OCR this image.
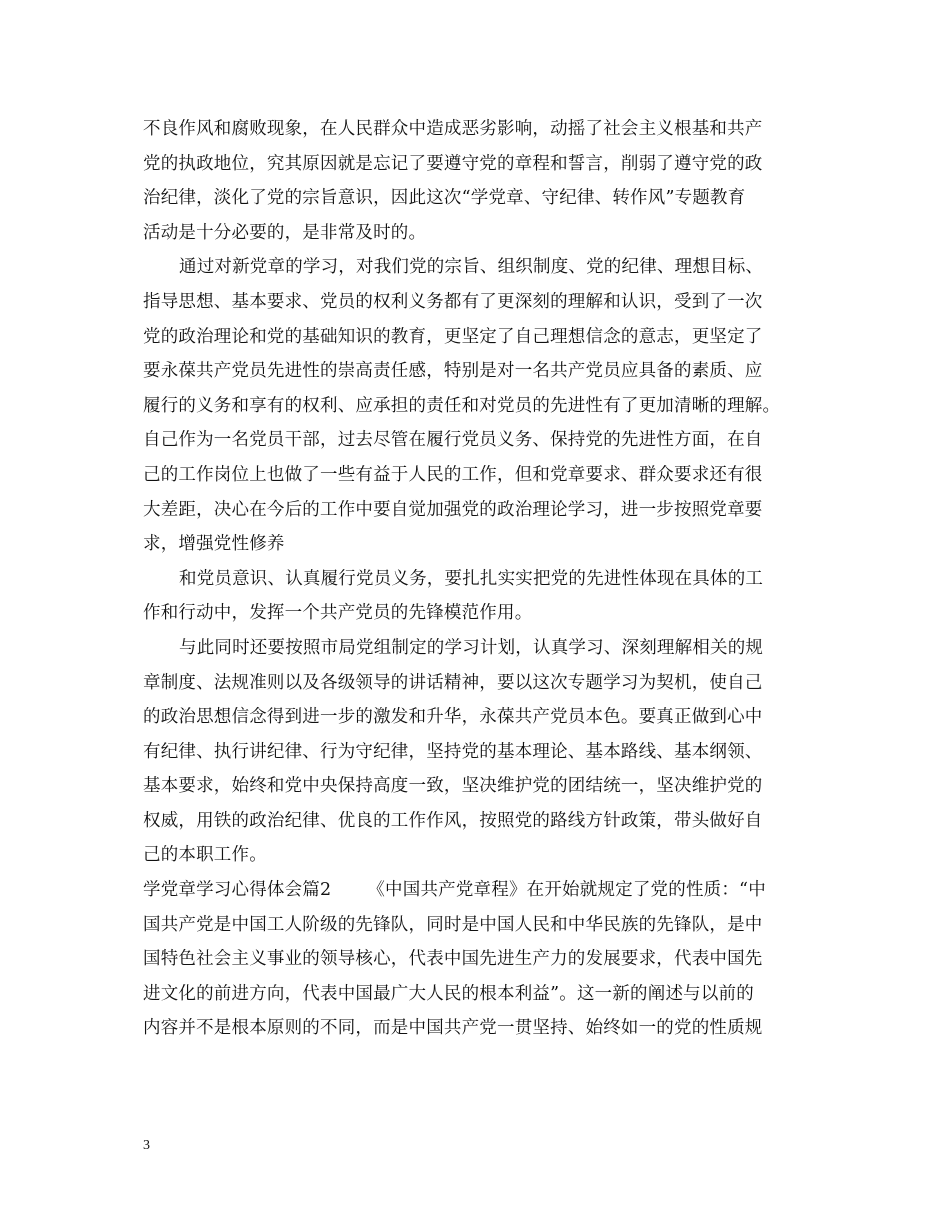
不良作风和腐败现象，在人民群众中造成恶劣影响，动摇了社会主义根基和共产
党的执政地位，究其原因就是忘记了要遵守党的章程和誓言，削弱了遵守党的政
治纪律，淡化了党的宗旨意识，因此这次“学党章、守纪律、转作风”专题教育
活动是十分必要的，是非常及时的。
通过对新党章的学习，对我们党的宗旨、组织制度、党的纪律、理想目标、
指导思想、基本要求、党员的权利义务都有了更深刻的理解和认识，受到了一次
党的政治理论和党的基础知识的教育，更坚定了自己理想信念的意志，更坚定了
要永葆共产党员先进性的崇高责任感，特别是对一名共产党员应具备的素质、应
履行的义务和享有的权利、应承担的责任和对党员的先进性有了更加清晰的理解。
自己作为一名党员干部，过去尽管在履行党员义务、保持党的先进性方面，在自
己的工作岗位上也做了一些有益于人民的工作，但和党章要求、群众要求还有很
大差距，决心在今后的工作中要自觉加强党的政治理论学习，进一步按照党章要
求，增强党性修养
和党员意识、认真履行党员义务，要扎扎实实把党的先进性体现在具体的工
作和行动中，发挥一个共产党员的先锋模范作用。
与此同时还要按照市局党组制定的学习计划，认真学习、深刻理解相关的规
章制度、法规准则以及各级领导的讲话精神，要以这次专题学习为契机，使自己
的政治思想信念得到进一步的激发和升华，永葆共产党员本色。要真正做到心中
有纪律、执行讲纪律、行为守纪律，坚持党的基本理论、基本路线、基本纲领、
基本要求，始终和党中央保持高度一致，坚决维护党的团结统一，坚决维护党的
权威，用铁的政治纪律、优良的工作作风，按照党的路线方针政策，带头做好自
己的本职工作。
学党章学习心得体会篇2 《中国共产党章程》在开始就规定了党的性质：“中
国共产党是中国工人阶级的先锋队，同时是中国人民和中华民族的先锋队，是中
国特色社会主义事业的领导核心，代表中国先进生产力的发展要求，代表中国先
进文化的前进方向，代表中国最广大人民的根本利益”。这一新的阐述与以前的
内容并不是根本原则的不同，而是中国共产党一贯坚持、始终如一的党的性质规
3
